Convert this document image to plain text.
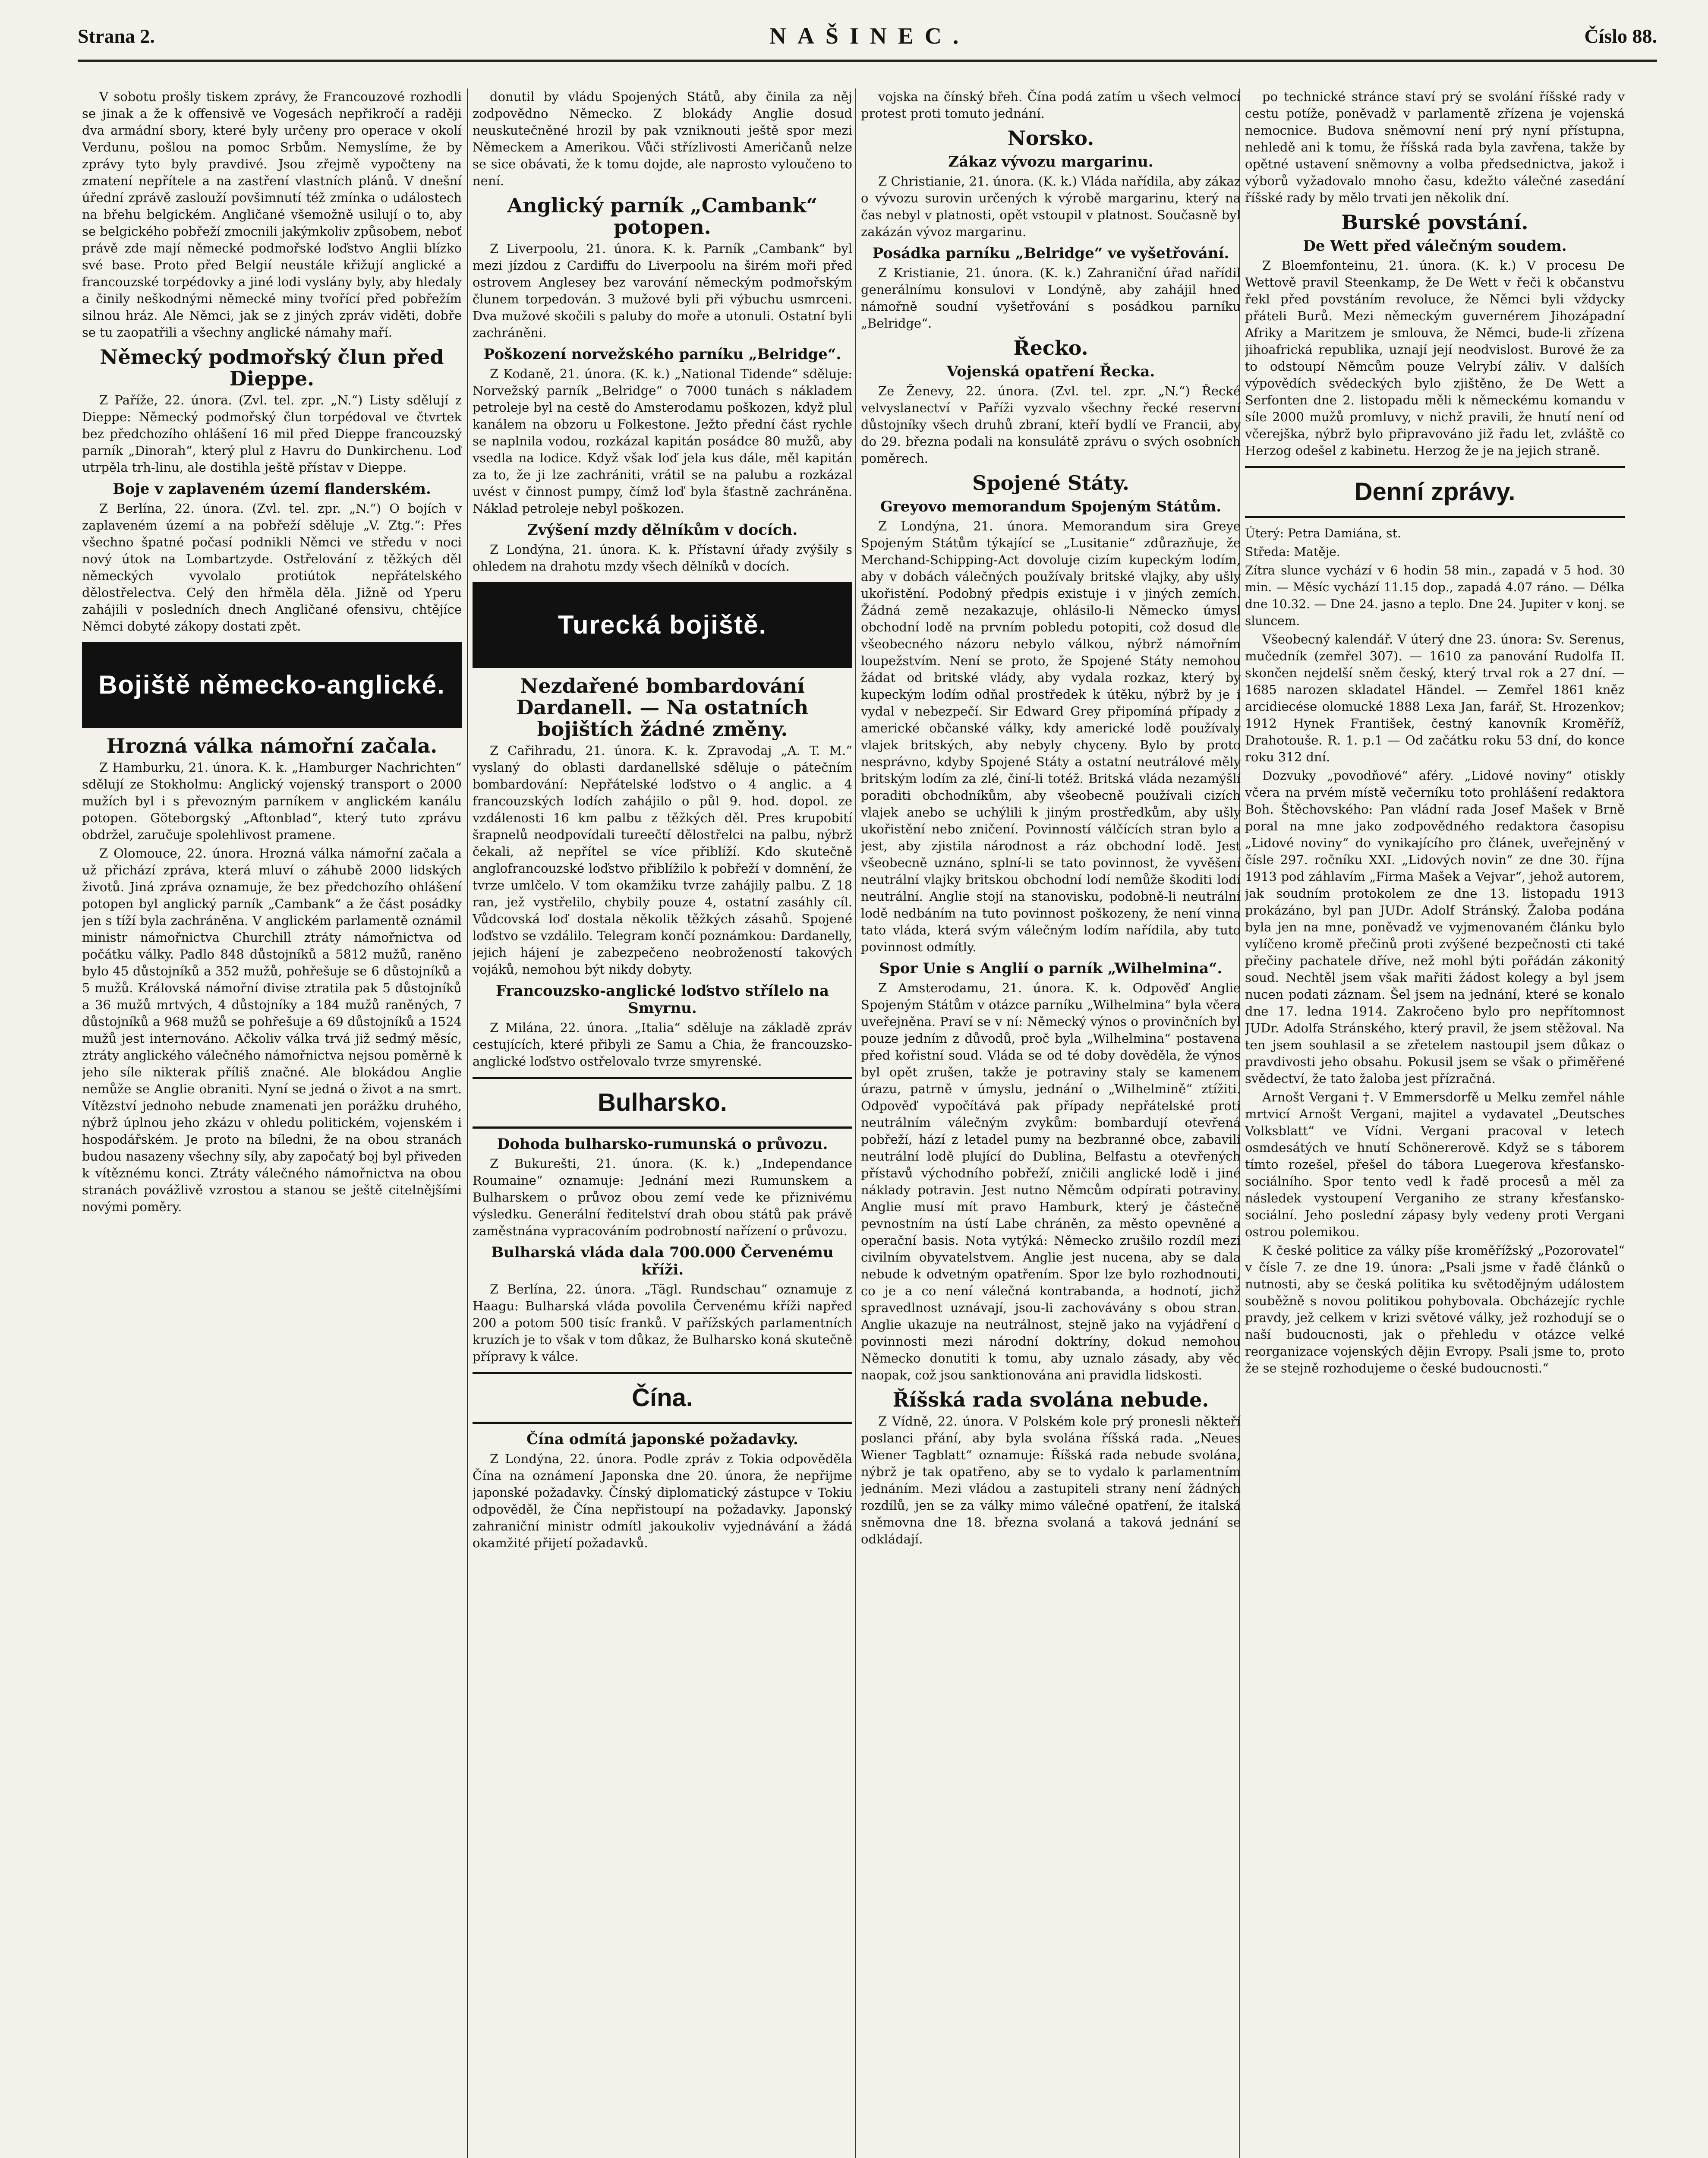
Strana 2.	NAŠINEC.	Číslo 88.

V sobotu prošly tiskem zprávy, že Francouzové rozhodli se jinak a že k offensivě ve Vogesách nepřikročí a raději dva armádní sbory, které byly určeny pro operace v okolí Verdunu, pošlou na pomoc Srbům. Nemyslíme, že by zprávy tyto byly pravdivé. Jsou zřejmě vypočteny na zmatení nepřítele a na zastření vlastních plánů. V dnešní úřední zprávě zaslouží povšimnutí též zmínka o událostech na břehu belgickém. Angličané všemožně usilují o to, aby se belgického pobřeží zmocnili jakýmkoliv způsobem, neboť právě zde mají německé podmořské loďstvo Anglii blízko své base. Proto před Belgií neustále křižují anglické a francouzské torpédovky a jiné lodi vyslány byly, aby hledaly a činily neškodnými německé miny tvořící před pobřežím silnou hráz. Ale Němci, jak se z jiných zpráv viděti, dobře se tu zaopatřili a všechny anglické námahy maří.

Německý podmořský člun před Dieppe.

Z Paříže, 22. února. (Zvl. tel. zpr. „N.“) Listy sdělují z Dieppe: Německý podmořský člun torpédoval ve čtvrtek bez předchozího ohlášení 16 mil před Dieppe francouzský parník „Dinorah“, který plul z Havru do Dunkirchenu. Loď utrpěla trh-linu, ale dostihla ještě přístav v Dieppe.

Boje v zaplaveném území flanderském.

Z Berlína, 22. února. (Zvl. tel. zpr. „N.“) O bojích v zaplaveném území a na pobřeží sděluje „V. Ztg.“: Přes všechno špatné počasí podnikli Němci ve středu v noci nový útok na Lombartzyde. Ostřelování z těžkých děl německých vyvolalo protiútok nepřátelského dělostřelectva. Celý den hřměla děla. Jižně od Yperu zahájili v posledních dnech Angličané ofensivu, chtějíce Němci dobyté zákopy dostati zpět.

Bojiště německo-anglické.
Hrozná válka námořní začala.

Z Hamburku, 21. února. K. k. „Hamburger Nachrichten“ sdělují ze Stokholmu: Anglický vojenský transport o 2000 mužích byl i s převozným parníkem v anglickém kanálu potopen. Göteborgský „Aftonblad“, který tuto zprávu obdržel, zaručuje spolehlivost pramene.

Z Olomouce, 22. února. Hrozná válka námořní začala a už přichází zpráva, která mluví o záhubě 2000 lidských životů. Jiná zpráva oznamuje, že bez předchozího ohlášení potopen byl anglický parník „Cambank“ a že část posádky jen s tíží byla zachráněna. V anglickém parlamentě oznámil ministr námořnictva Churchill ztráty námořnictva od počátku války. Padlo 848 důstojníků a 5812 mužů, raněno bylo 45 důstojníků a 352 mužů, pohřešuje se 6 důstojníků a 5 mužů. Královská námořní divise ztratila pak 5 důstojníků a 36 mužů mrtvých, 4 důstojníky a 184 mužů raněných, 7 důstojníků a 968 mužů se pohřešuje a 69 důstojníků a 1524 mužů jest internováno. Ačkoliv válka trvá již sedmý měsíc, ztráty anglického válečného námořnictva nejsou poměrně k jeho síle nikterak příliš značné. Ale blokádou Anglie nemůže se Anglie obraniti. Nyní se jedná o život a na smrt. Vítězství jednoho nebude znamenati jen porážku druhého, nýbrž úplnou jeho zkázu v ohledu politickém, vojenském i hospodářském. Je proto na bíledni, že na obou stranách budou nasazeny všechny síly, aby započatý boj byl přiveden k vítěznému konci. Ztráty válečného námořnictva na obou stranách povážlivě vzrostou a stanou se ještě citelnějšími novými poměry.

donutil by vládu Spojených Států, aby činila za něj zodpovědno Německo. Z blokády Anglie dosud neuskutečněné hrozil by pak vzniknouti ještě spor mezi Německem a Amerikou. Vůči střízlivosti Američanů nelze se sice obávati, že k tomu dojde, ale naprosto vyloučeno to není.

Anglický parník „Cambank“ potopen.

Z Liverpoolu, 21. února. K. k. Parník „Cambank“ byl mezi jízdou z Cardiffu do Liverpoolu na širém moři před ostrovem Anglesey bez varování německým podmořským člunem torpedován. 3 mužové byli při výbuchu usmrceni. Dva mužové skočili s paluby do moře a utonuli. Ostatní byli zachráněni.

Poškození norvežského parníku „Belridge“.

Z Kodaně, 21. února. (K. k.) „National Tidende“ sděluje: Norvežský parník „Belridge“ o 7000 tunách s nákladem petroleje byl na cestě do Amsterodamu poškozen, když plul kanálem na obzoru u Folkestone. Ježto přední část rychle se naplnila vodou, rozkázal kapitán posádce 80 mužů, aby vsedla na lodice. Když však loď jela kus dále, měl kapitán za to, že ji lze zachrániti, vrátil se na palubu a rozkázal uvést v činnost pumpy, čímž loď byla šťastně zachráněna. Náklad petroleje nebyl poškozen.

Zvýšení mzdy dělníkům v docích.

Z Londýna, 21. února. K. k. Přístavní úřady zvýšily s ohledem na drahotu mzdy všech dělníků v docích.

Turecká bojiště.
Nezdařené bombardování Dardanell. — Na ostatních bojištích žádné změny.

Z Cařihradu, 21. února. K. k. Zpravodaj „A. T. M.“ vyslaný do oblasti dardanellské sděluje o pátečním bombardování: Nepřátelské loďstvo o 4 anglic. a 4 francouzských lodích zahájilo o půl 9. hod. dopol. ze vzdálenosti 16 km palbu z těžkých děl. Pres krupobití šrapnelů neodpovídali tureečtí dělostřelci na palbu, nýbrž čekali, až nepřítel se více přiblíží. Kdo skutečně anglofrancouzské loďstvo přiblížilo k pobřeží v domnění, že tvrze umlčelo. V tom okamžiku tvrze zahájily palbu. Z 18 ran, jež vystřelilo, chybily pouze 4, ostatní zasáhly cíl. Vůdcovská loď dostala několik těžkých zásahů. Spojené loďstvo se vzdálilo. Telegram končí poznámkou: Dardanelly, jejich hájení je zabezpečeno neobrožeností takových vojáků, nemohou být nikdy dobyty.

Francouzsko-anglické loďstvo střílelo na Smyrnu.

Z Milána, 22. února. „Italia“ sděluje na základě zpráv cestujících, které přibyli ze Samu a Chia, že francouzsko-anglické loďstvo ostřelovalo tvrze smyrenské.

Bulharsko.
Dohoda bulharsko-rumunská o průvozu.

Z Bukurešti, 21. února. (K. k.) „Independance Roumaine“ oznamuje: Jednání mezi Rumunskem a Bulharskem o průvoz obou zemí vede ke přiznivému výsledku. Generální ředitelství drah obou států pak právě zaměstnána vypracováním podrobností nařízení o průvozu.

Bulharská vláda dala 700.000 Červenému kříži.

Z Berlína, 22. února. „Tägl. Rundschau“ oznamuje z Haagu: Bulharská vláda povolila Červenému kříži napřed 200 a potom 500 tisíc franků. V pařížských parlamentních kruzích je to však v tom důkaz, že Bulharsko koná skutečně přípravy k válce.

Čína.
Čína odmítá japonské požadavky.

Z Londýna, 22. února. Podle zpráv z Tokia odpověděla Čína na oznámení Japonska dne 20. února, že nepřijme japonské požadavky. Čínský diplomatický zástupce v Tokiu odpověděl, že Čína nepřistoupí na požadavky. Japonský zahraniční ministr odmítl jakoukoliv vyjednávání a žádá okamžité přijetí požadavků.

vojska na čínský břeh. Čína podá zatím u všech velmocí protest proti tomuto jednání.

Norsko.
Zákaz vývozu margarinu.

Z Christianie, 21. února. (K. k.) Vláda nařídila, aby zákaz o vývozu surovin určených k výrobě margarinu, který na čas nebyl v platnosti, opět vstoupil v platnost. Současně byl zakázán vývoz margarinu.

Posádka parníku „Belridge“ ve vyšetřování.

Z Kristianie, 21. února. (K. k.) Zahraniční úřad nařídil generálnímu konsulovi v Londýně, aby zahájil hned námořně soudní vyšetřování s posádkou parníku „Belridge“.

Řecko.
Vojenská opatření Řecka.

Ze Ženevy, 22. února. (Zvl. tel. zpr. „N.“) Řecké velvyslanectví v Paříži vyzvalo všechny řecké reservní důstojníky všech druhů zbraní, kteří bydlí ve Francii, aby do 29. března podali na konsulátě zprávu o svých osobních poměrech.

Spojené Státy.
Greyovo memorandum Spojeným Státům.

Z Londýna, 21. února. Memorandum sira Greye Spojeným Státům týkající se „Lusitanie“ zdůrazňuje, že Merchand-Schipping-Act dovoluje cizím kupeckým lodím, aby v dobách válečných používaly britské vlajky, aby ušly ukořistění. Podobný předpis existuje i v jiných zemích. Žádná země nezakazuje, ohlásilo-li Německo úmysl obchodní lodě na prvním pobledu potopiti, což dosud dle všeobecného názoru nebylo válkou, nýbrž námořním loupežstvím. Není se proto, že Spojené Státy nemohou žádat od britské vlády, aby vydala rozkaz, který by kupeckým lodím odňal prostředek k útěku, nýbrž by je i vydal v nebezpečí. Sir Edward Grey připomíná případy z americké občanské války, kdy americké lodě používaly vlajek britských, aby nebyly chyceny. Bylo by proto nesprávno, kdyby Spojené Státy a ostatní neutrálové měly britským lodím za zlé, činí-li totéž. Britská vláda nezamýšlí poraditi obchodníkům, aby všeobecně používali cizích vlajek anebo se uchýlili k jiným prostředkům, aby ušly ukořistění nebo zničení. Povinností válčících stran bylo a jest, aby zjistila národnost a ráz obchodní lodě. Jest všeobecně uznáno, splní-li se tato povinnost, že vyvěšení neutrální vlajky britskou obchodní lodí nemůže škoditi lodí neutrální. Anglie stojí na stanovisku, podobně-li neutrální lodě nedbáním na tuto povinnost poškozeny, že není vinna tato vláda, která svým válečným lodím nařídila, aby tuto povinnost odmítly.

Spor Unie s Anglií o parník „Wilhelmina“.

Z Amsterodamu, 21. února. K. k. Odpověď Anglie Spojeným Státům v otázce parníku „Wilhelmina“ byla včera uveřejněna. Praví se v ní: Německý výnos o provinčních byl pouze jedním z důvodů, proč byla „Wilhelmina“ postavena před kořistní soud. Vláda se od té doby dověděla, že výnos byl opět zrušen, takže je potraviny staly se kamenem úrazu, patrně v úmyslu, jednání o „Wilhelmině“ ztížiti. Odpověď vypočítává pak případy nepřátelské proti neutrálním válečným zvykům: bombardují otevřená pobřeží, hází z letadel pumy na bezbranné obce, zabavili neutrální lodě plující do Dublina, Belfastu a otevřených přístavů východního pobřeží, zničili anglické lodě i jiné náklady potravin. Jest nutno Němcům odpírati potraviny. Anglie musí mít pravo Hamburk, který je částečně pevnostním na ústí Labe chráněn, za město opevněné a operační basis. Nota vytýká: Německo zrušilo rozdíl mezi civilním obyvatelstvem. Anglie jest nucena, aby se dala nebude k odvetným opatřením. Spor lze bylo rozhodnouti, co je a co není válečná kontrabanda, a hodnotí, jichž spravedlnost uznávají, jsou-li zachovávány s obou stran. Anglie ukazuje na neutrálnost, stejně jako na vyjádření o povinnosti mezi národní doktríny, dokud nemohou Německo donutiti k tomu, aby uznalo zásady, aby věc naopak, což jsou sanktionována ani pravidla lidskosti.

Říšská rada svolána nebude.

Z Vídně, 22. února. V Polském kole prý pronesli někteří poslanci přání, aby byla svolána říšská rada. „Neues Wiener Tagblatt“ oznamuje: Říšská rada nebude svolána, nýbrž je tak opatřeno, aby se to vydalo k parlamentním jednáním. Mezi vládou a zastupiteli strany není žádných rozdílů, jen se za války mimo válečné opatření, že italská sněmovna dne 18. března svolaná a taková jednání se odkládají.

po technické stránce staví prý se svolání říšské rady v cestu potíže, poněvadž v parlamentě zřízena je vojenská nemocnice. Budova sněmovní není prý nyní přístupna, nehledě ani k tomu, že říšská rada byla zavřena, takže by opětné ustavení sněmovny a volba předsednictva, jakož i výborů vyžadovalo mnoho času, kdežto válečné zasedání říšské rady by mělo trvati jen několik dní.

Burské povstání.
De Wett před válečným soudem.

Z Bloemfonteinu, 21. února. (K. k.) V procesu De Wettově pravil Steenkamp, že De Wett v řeči k občanstvu řekl před povstáním revoluce, že Němci byli vždycky přáteli Burů. Mezi německým guvernérem Jihozápadní Afriky a Maritzem je smlouva, že Němci, bude-li zřízena jihoafrická republika, uznají její neodvislost. Burové že za to odstoupí Němcům pouze Velrybí záliv. V dalších výpovědích svědeckých bylo zjištěno, že De Wett a Serfonten dne 2. listopadu měli k německému komandu v síle 2000 mužů promluvy, v nichž pravili, že hnutí není od včerejška, nýbrž bylo připravováno již řadu let, zvláště co Herzog odešel z kabinetu. Herzog že je na jejich straně.

Denní zprávy.

Úterý: Petra Damiána, st.

Středa: Matěje.

Zítra slunce vychází v 6 hodin 58 min., zapadá v 5 hod. 30 min. — Měsíc vychází 11.15 dop., zapadá 4.07 ráno. — Délka dne 10.32. — Dne 24. jasno a teplo. Dne 24. Jupiter v konj. se sluncem.

Všeobecný kalendář. V úterý dne 23. února: Sv. Serenus, mučedník (zemřel 307). — 1610 za panování Rudolfa II. skončen nejdelší sněm český, který trval rok a 27 dní. — 1685 narozen skladatel Händel. — Zemřel 1861 kněz arcidiecése olomucké 1888 Lexa Jan, farář, St. Hrozenkov; 1912 Hynek František, čestný kanovník Kroměříž, Drahotouše. R. 1. p.1 — Od začátku roku 53 dní, do konce roku 312 dní.

Dozvuky „povodňové“ aféry. „Lidové noviny“ otiskly včera na prvém místě večerníku toto prohlášení redaktora Boh. Štěchovského: Pan vládní rada Josef Mašek v Brně poral na mne jako zodpovědného redaktora časopisu „Lidové noviny“ do vynikajícího pro článek, uveřejněný v čísle 297. ročníku XXI. „Lidových novin“ ze dne 30. října 1913 pod záhlavím „Firma Mašek a Vejvar“, jehož autorem, jak soudním protokolem ze dne 13. listopadu 1913 prokázáno, byl pan JUDr. Adolf Stránský. Žaloba podána byla jen na mne, poněvadž ve vyjmenovaném článku bylo vylíčeno kromě přečinů proti zvýšené bezpečnosti cti také přečiny pachatele dříve, než mohl býti pořádán zákonitý soud. Nechtěl jsem však mařiti žádost kolegy a byl jsem nucen podati záznam. Šel jsem na jednání, které se konalo dne 17. ledna 1914. Zakročeno bylo pro nepřítomnost JUDr. Adolfa Stránského, který pravil, že jsem stěžoval. Na ten jsem souhlasil a se zřetelem nastoupil jsem důkaz o pravdivosti jeho obsahu. Pokusil jsem se však o přiměřené svědectví, že tato žaloba jest přízračná.

Arnošt Vergani †. V Emmersdorfě u Melku zemřel náhle mrtvicí Arnošt Vergani, majitel a vydavatel „Deutsches Volksblatt“ ve Vídni. Vergani pracoval v letech osmdesátých ve hnutí Schönererově. Když se s táborem tímto rozešel, přešel do tábora Luegerova křesťansko-sociálního. Spor tento vedl k řadě procesů a měl za následek vystoupení Verganiho ze strany křesťansko-sociální. Jeho poslední zápasy byly vedeny proti Vergani ostrou polemikou.

K české politice za války píše kroměřížský „Pozorovatel“ v čísle 7. ze dne 19. února: „Psali jsme v řadě článků o nutnosti, aby se česká politika ku světodějným událostem souběžně s novou politikou pohybovala. Obcházejíc rychle pravdy, jež celkem v krizi světové války, jež rozhodují se o naší budoucnosti, jak o přehledu v otázce velké reorganizace vojenských dějin Evropy. Psali jsme to, proto že se stejně rozhodujeme o české budoucnosti.“
